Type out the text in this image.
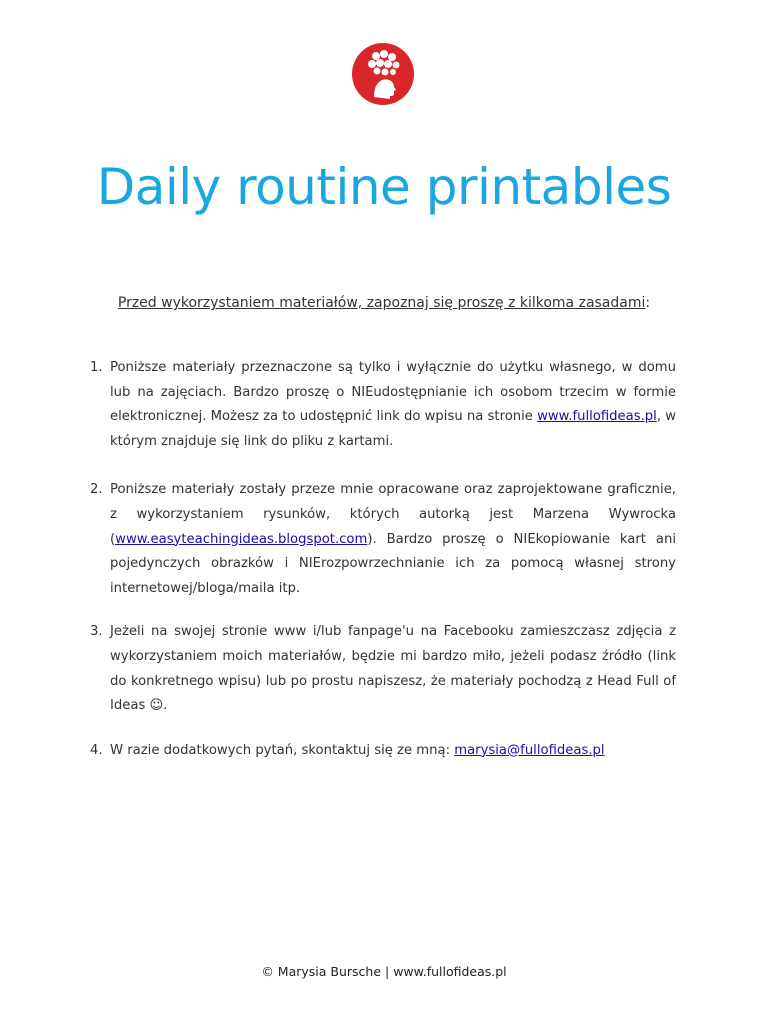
Daily routine printables
Przed wykorzystaniem materiałów, zapoznaj się proszę z kilkoma zasadami:
1. Poniższe materiały przeznaczone są tylko i wyłącznie do użytku własnego, w domu lub na zajęciach. Bardzo proszę o NIEudostępnianie ich osobom trzecim w formie elektronicznej. Możesz za to udostępnić link do wpisu na stronie www.fullofideas.pl, w którym znajduje się link do pliku z kartami.
2. Poniższe materiały zostały przeze mnie opracowane oraz zaprojektowane graficznie, z wykorzystaniem rysunków, których autorką jest Marzena Wywrocka (www.easyteachingideas.blogspot.com). Bardzo proszę o NIEkopiowanie kart ani pojedynczych obrazków i NIErozpowrzechnianie ich za pomocą własnej strony internetowej/bloga/maila itp.
3. Jeżeli na swojej stronie www i/lub fanpage'u na Facebooku zamieszczasz zdjęcia z wykorzystaniem moich materiałów, będzie mi bardzo miło, jeżeli podasz źródło (link do konkretnego wpisu) lub po prostu napiszesz, że materiały pochodzą z Head Full of Ideas ☺.
4. W razie dodatkowych pytań, skontaktuj się ze mną: marysia@fullofideas.pl
© Marysia Bursche | www.fullofideas.pl
